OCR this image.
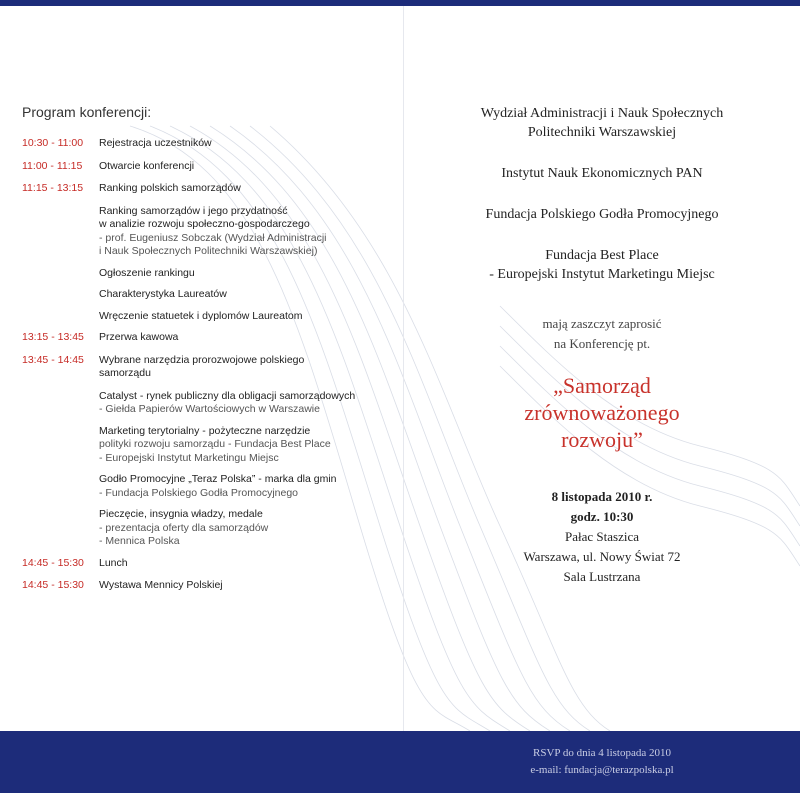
Program konferencji:
10:30 - 11:00	Rejestracja uczestników
11:00 - 11:15	Otwarcie konferencji
11:15 - 13:15	Ranking polskich samorządów
Ranking samorządów i jego przydatność
w analizie rozwoju społeczno-gospodarczego
- prof. Eugeniusz Sobczak (Wydział Administracji
i Nauk Społecznych Politechniki Warszawskiej)
Ogłoszenie rankingu
Charakterystyka Laureatów
Wręczenie statuetek i dyplomów Laureatom
13:15 - 13:45	Przerwa kawowa
13:45 - 14:45	Wybrane narzędzia prorozwojowe polskiego
samorządu
Catalyst - rynek publiczny dla obligacji samorządowych
- Giełda Papierów Wartościowych w Warszawie
Marketing terytorialny - pożyteczne narzędzie
polityki rozwoju samorządu - Fundacja Best Place
- Europejski Instytut Marketingu Miejsc
Godło Promocyjne „Teraz Polska” - marka dla gmin
- Fundacja Polskiego Godła Promocyjnego
Pieczęcie, insygnia władzy, medale
- prezentacja oferty dla samorządów
- Mennica Polska
14:45 - 15:30	Lunch
14:45 - 15:30	Wystawa Mennicy Polskiej
Wydział Administracji i Nauk Społecznych
Politechniki Warszawskiej
Instytut Nauk Ekonomicznych PAN
Fundacja Polskiego Godła Promocyjnego
Fundacja Best Place
- Europejski Instytut Marketingu Miejsc
mają zaszczyt zaprosić
na Konferencję pt.
„Samorząd
zrównoważonego
rozwoju”
8 listopada 2010 r.
godz. 10:30
Pałac Staszica
Warszawa, ul. Nowy Świat 72
Sala Lustrzana
RSVP do dnia 4 listopada 2010
e-mail: fundacja@terazpolska.pl
